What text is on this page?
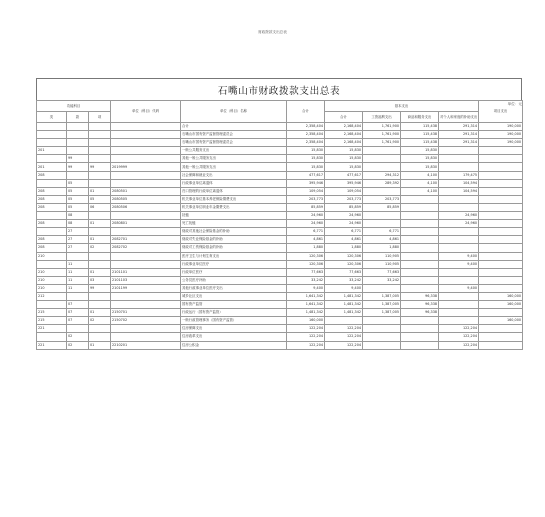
财政拨款支出总表
石嘴山市财政拨款支出总表
单位：元
功能科目			单位（科目）代码	单位（科目）名称	合计	基本支出				项目支出
类	款	项				合计	工资福利支出	商品和服务支出	对个人和家庭的补助支出	
				合计	2,358,404	2,168,404	1,761,900	115,438	291,314	190,000
				石嘴山市国有资产监督管理委员会	2,358,404	2,168,404	1,761,900	115,438	291,314	190,000
				石嘴山市国有资产监督管理委员会	2,358,404	2,168,404	1,761,900	115,438	291,314	190,000
201				一般公共服务支出	15,830	15,830		15,830		
	99			其他一般公共服务支出	15,830	15,830		15,830		
201	99	99	2019999	其他一般公共服务支出	15,830	15,830		15,830		
208				社会保障和就业支出	477,617	477,617	294,312	4,100	179,475	
	05			行政事业单位离退休	395,946	395,946	289,392	4,100	104,594	
208	05	01	2080501	归口管理的行政单位离退休	109,054	109,054		4,100	104,594	
208	05	05	2080505	机关事业单位基本养老保险缴费支出	203,773	203,773	203,773			
208	05	06	2080506	机关事业单位职业年金缴费支出	85,859	85,859	85,859			
	08			抚恤	24,960	24,960			24,960	
208	08	01	2080801	死亡抚恤	24,960	24,960			24,960	
	27			财政对其他社会保险基金的补助	6,771	6,771	6,771			
208	27	01	2082701	财政对失业保险基金的补助	4,861	4,861	4,861			
208	27	02	2082702	财政对工伤保险基金的补助	1,880	1,880	1,880			
210				医疗卫生与计划生育支出	120,306	120,306	110,905		9,400	
	11			行政事业单位医疗	120,306	120,306	110,905		9,400	
210	11	01	2101101	行政单位医疗	77,663	77,663	77,663			
210	11	03	2101103	公务员医疗补助	33,242	33,242	33,242			
210	11	99	2101199	其他行政事业单位医疗支出	9,400	9,400			9,400	
212				城乡社区支出	1,641,342	1,481,342	1,387,005	96,338		160,000
	07			国有资产监管	1,641,342	1,481,342	1,387,005	96,338		160,000
215	07	01	2150701	行政运行（国有资产监管）	1,481,342	1,481,342	1,387,005	96,338		
215	07	02	2150702	一般行政管理事务（国有资产监管）	160,000					160,000
221				住房保障支出	122,204	122,204			122,204	
	02			住房改革支出	122,204	122,204			122,204	
221	02	01	2210201	住房公积金	122,204	122,204			122,204	
